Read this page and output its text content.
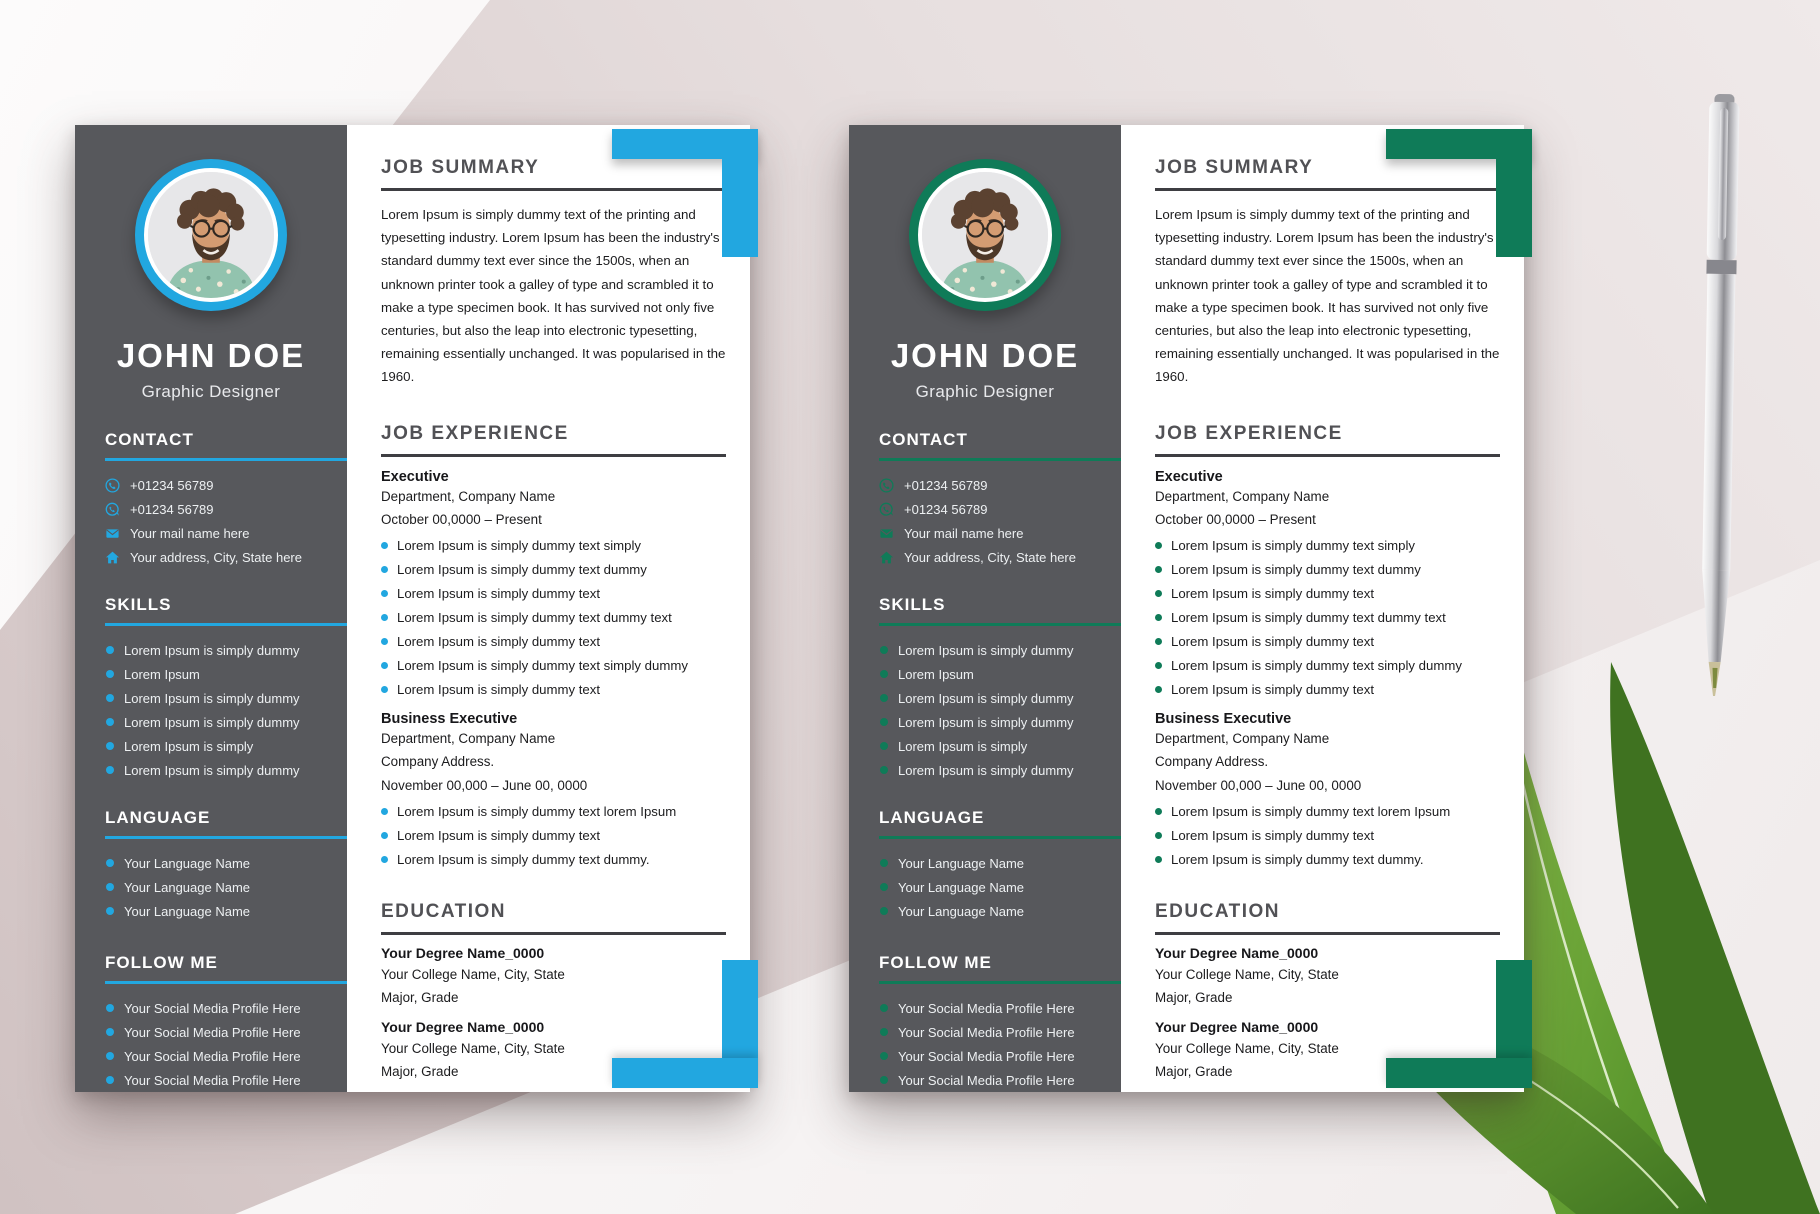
JOHN DOE
Graphic Designer
CONTACT
+01234 56789
+01234 56789
Your mail name here
Your address, City, State here
SKILLS
Lorem Ipsum is simply dummy
Lorem Ipsum
Lorem Ipsum is simply dummy
Lorem Ipsum is simply dummy
Lorem Ipsum is simply
Lorem Ipsum is simply dummy
LANGUAGE
Your Language Name
Your Language Name
Your Language Name
FOLLOW ME
Your Social Media Profile Here
Your Social Media Profile Here
Your Social Media Profile Here
Your Social Media Profile Here
JOB SUMMARY

Lorem Ipsum is simply dummy text of the printing and typesetting industry. Lorem Ipsum has been the industry's standard dummy text ever since the 1500s, when an unknown printer took a galley of type and scrambled it to make a type specimen book. It has survived not only five centuries, but also the leap into electronic typesetting, remaining essentially unchanged. It was popularised in the 1960.

JOB EXPERIENCE
Executive
Department, Company Name
October 00,0000 – Present
Lorem Ipsum is simply dummy text simply
Lorem Ipsum is simply dummy text dummy
Lorem Ipsum is simply dummy text
Lorem Ipsum is simply dummy text dummy text
Lorem Ipsum is simply dummy text
Lorem Ipsum is simply dummy text simply dummy
Lorem Ipsum is simply dummy text
Business Executive
Department, Company Name
Company Address.
November 00,000 – June 00, 0000
Lorem Ipsum is simply dummy text lorem Ipsum
Lorem Ipsum is simply dummy text
Lorem Ipsum is simply dummy text dummy.
EDUCATION
Your Degree Name_0000
Your College Name, City, State
Major, Grade
Your Degree Name_0000
Your College Name, City, State
Major, Grade
JOHN DOE
Graphic Designer
CONTACT
+01234 56789
+01234 56789
Your mail name here
Your address, City, State here
SKILLS
Lorem Ipsum is simply dummy
Lorem Ipsum
Lorem Ipsum is simply dummy
Lorem Ipsum is simply dummy
Lorem Ipsum is simply
Lorem Ipsum is simply dummy
LANGUAGE
Your Language Name
Your Language Name
Your Language Name
FOLLOW ME
Your Social Media Profile Here
Your Social Media Profile Here
Your Social Media Profile Here
Your Social Media Profile Here
JOB SUMMARY

Lorem Ipsum is simply dummy text of the printing and typesetting industry. Lorem Ipsum has been the industry's standard dummy text ever since the 1500s, when an unknown printer took a galley of type and scrambled it to make a type specimen book. It has survived not only five centuries, but also the leap into electronic typesetting, remaining essentially unchanged. It was popularised in the 1960.

JOB EXPERIENCE
Executive
Department, Company Name
October 00,0000 – Present
Lorem Ipsum is simply dummy text simply
Lorem Ipsum is simply dummy text dummy
Lorem Ipsum is simply dummy text
Lorem Ipsum is simply dummy text dummy text
Lorem Ipsum is simply dummy text
Lorem Ipsum is simply dummy text simply dummy
Lorem Ipsum is simply dummy text
Business Executive
Department, Company Name
Company Address.
November 00,000 – June 00, 0000
Lorem Ipsum is simply dummy text lorem Ipsum
Lorem Ipsum is simply dummy text
Lorem Ipsum is simply dummy text dummy.
EDUCATION
Your Degree Name_0000
Your College Name, City, State
Major, Grade
Your Degree Name_0000
Your College Name, City, State
Major, Grade
